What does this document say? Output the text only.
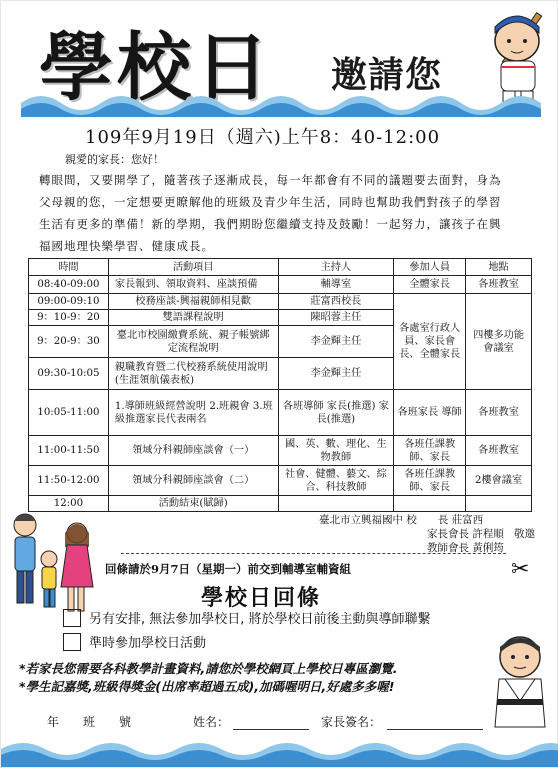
學校日 邀請您
109年9月19日（週六)上午8：40-12:00
親愛的家長：您好！
轉眼間，又要開學了，隨著孩子逐漸成長，每一年都會有不同的議題要去面對，身為父母親的您，一定想要更瞭解他的班級及青少年生活，同時也幫助我們對孩子的學習生活有更多的準備！新的學期，我們期盼您繼續支持及鼓勵！一起努力，讓孩子在興福國地理快樂學習、健康成長。
時間	活動項目	主持人	參加人員	地點
08:40-09:00	家長報到、領取資料、座談預備	輔導室	全體家長	各班教室
09:00-09:10	校務座談-興福親師相見歡	莊富西校長	各處室行政人員、家長會長、全體家長	四樓多功能會議室
9：10-9：20	雙語課程說明	陳昭蓉主任		
9：20-9：30	臺北市校園繳費系統、親子帳號綁定流程說明	李金輝主任		
09:30-10:05	親職教育暨二代校務系統使用說明 (生涯領航儀表板)	李金輝主任		
10:05-11:00	1.導師班級經營說明 2.班親會 3.班級推選家長代表兩名	各班導師 家長(推選) 家長(推選)	各班家長 導師	各班教室
11:00-11:50	領域分科親師座談會（一）	國、英、數、理化、生物教師	各班任課教師、家長	各班教室
11:50-12:00	領域分科親師座談會（二）	社會、健體、藝文、綜合、科技教師	各班任課教師、家長	2樓會議室
12:00	活動結束(賦歸)			
臺北市立興福國中 校　　長 莊富西
家長會長 許程順
教師會長 黃俐筠
敬邀
回條請於9月7日（星期一）前交到輔導室輔資組	✂
學校日回條
另有安排, 無法參加學校日, 將於學校日前後主動與導師聯繫
準時參加學校日活動
*若家長您需要各科教學計畫資料,請您於學校網頁上學校日專區瀏覽.
*學生記嘉獎,班級得獎金(出席率超過五成),加碼喔明日,好處多多喔!
年　　班　　號	姓名：	家長簽名：
